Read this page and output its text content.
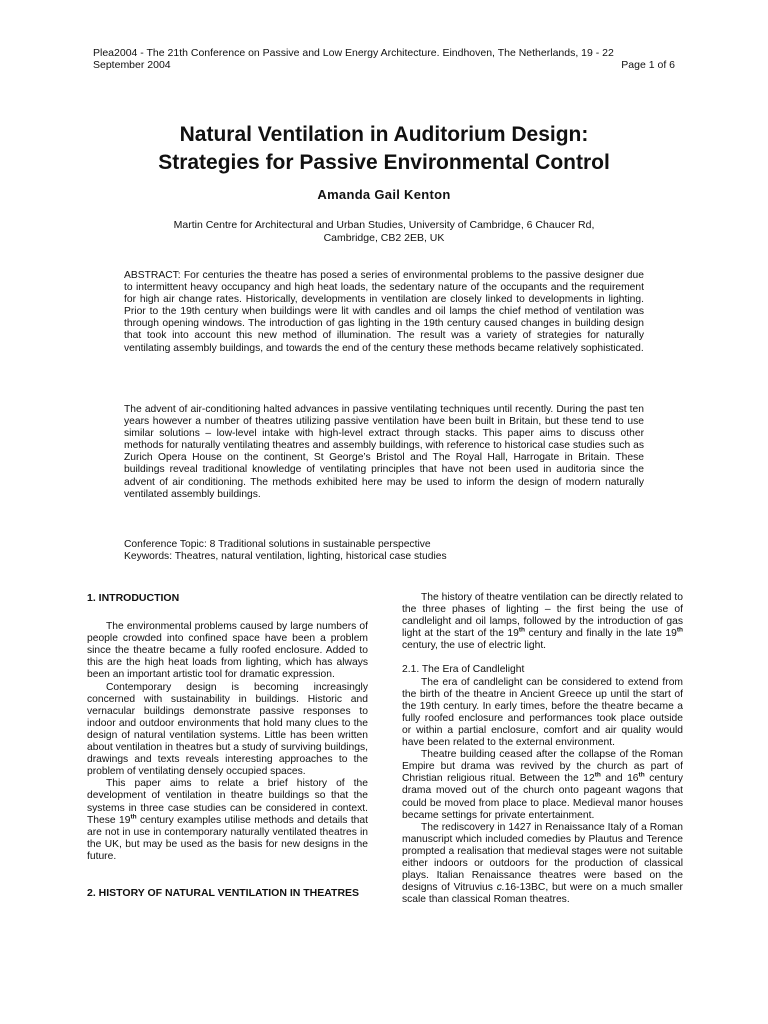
Plea2004 - The 21th Conference on Passive and Low Energy Architecture. Eindhoven, The Netherlands, 19 - 22
September 2004	Page 1 of 6
Natural Ventilation in Auditorium Design:
Strategies for Passive Environmental Control
Amanda Gail Kenton
Martin Centre for Architectural and Urban Studies, University of Cambridge, 6 Chaucer Rd,
Cambridge, CB2 2EB, UK

ABSTRACT: For centuries the theatre has posed a series of environmental problems to the passive designer due to intermittent heavy occupancy and high heat loads, the sedentary nature of the occupants and the requirement for high air change rates. Historically, developments in ventilation are closely linked to developments in lighting. Prior to the 19th century when buildings were lit with candles and oil lamps the chief method of ventilation was through opening windows. The introduction of gas lighting in the 19th century caused changes in building design that took into account this new method of illumination. The result was a variety of strategies for naturally ventilating assembly buildings, and towards the end of the century these methods became relatively sophisticated.

The advent of air-conditioning halted advances in passive ventilating techniques until recently. During the past ten years however a number of theatres utilizing passive ventilation have been built in Britain, but these tend to use similar solutions – low-level intake with high-level extract through stacks. This paper aims to discuss other methods for naturally ventilating theatres and assembly buildings, with reference to historical case studies such as Zurich Opera House on the continent, St George’s Bristol and The Royal Hall, Harrogate in Britain. These buildings reveal traditional knowledge of ventilating principles that have not been used in auditoria since the advent of air conditioning. The methods exhibited here may be used to inform the design of modern naturally ventilated assembly buildings.

Conference Topic: 8 Traditional solutions in sustainable perspective

Keywords: Theatres, natural ventilation, lighting, historical case studies

1. INTRODUCTION

The environmental problems caused by large numbers of people crowded into confined space have been a problem since the theatre became a fully roofed enclosure. Added to this are the high heat loads from lighting, which has always been an important artistic tool for dramatic expression.

Contemporary design is becoming increasingly concerned with sustainability in buildings. Historic and vernacular buildings demonstrate passive responses to indoor and outdoor environments that hold many clues to the design of natural ventilation systems. Little has been written about ventilation in theatres but a study of surviving buildings, drawings and texts reveals interesting approaches to the problem of ventilating densely occupied spaces.

This paper aims to relate a brief history of the development of ventilation in theatre buildings so that the systems in three case studies can be considered in context. These 19th century examples utilise methods and details that are not in use in contemporary naturally ventilated theatres in the UK, but may be used as the basis for new designs in the future.

2. HISTORY OF NATURAL VENTILATION IN THEATRES

The history of theatre ventilation can be directly related to the three phases of lighting – the first being the use of candlelight and oil lamps, followed by the introduction of gas light at the start of the 19th century and finally in the late 19th century, the use of electric light.

2.1. The Era of Candlelight

The era of candlelight can be considered to extend from the birth of the theatre in Ancient Greece up until the start of the 19th century. In early times, before the theatre became a fully roofed enclosure and performances took place outside or within a partial enclosure, comfort and air quality would have been related to the external environment.

Theatre building ceased after the collapse of the Roman Empire but drama was revived by the church as part of Christian religious ritual. Between the 12th and 16th century drama moved out of the church onto pageant wagons that could be moved from place to place. Medieval manor houses became settings for private entertainment.

The rediscovery in 1427 in Renaissance Italy of a Roman manuscript which included comedies by Plautus and Terence prompted a realisation that medieval stages were not suitable either indoors or outdoors for the production of classical plays. Italian Renaissance theatres were based on the designs of Vitruvius c.16-13BC, but were on a much smaller scale than classical Roman theatres.
